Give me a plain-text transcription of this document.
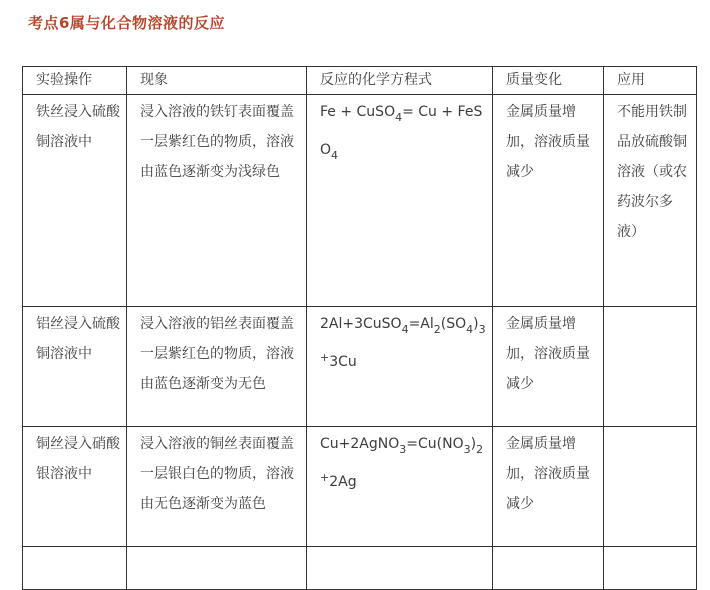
考点6属与化合物溶液的反应
实验操作	现象	反应的化学方程式	质量变化	应用

铁丝浸入硫酸铜溶液中	浸入溶液的铁钉表面覆盖一层紫红色的物质，溶液由蓝色逐渐变为浅绿色	Fe + CuSO$_4$= Cu + FeSO$_4$	金属质量增加，溶液质量减少	不能用铁制品放硫酸铜溶液（或农药波尔多液）

铝丝浸入硫酸铜溶液中	浸入溶液的铝丝表面覆盖一层紫红色的物质，溶液由蓝色逐渐变为无色	$2Al+3CuSO_4=Al_2(SO_4)_3^+3Cu$	金属质量增加，溶液质量减少	

铜丝浸入硝酸银溶液中	浸入溶液的铜丝表面覆盖一层银白色的物质，溶液由无色逐渐变为蓝色	$Cu+2AgNO_3=Cu(NO_3)_2^+2Ag$	金属质量增加，溶液质量减少	
